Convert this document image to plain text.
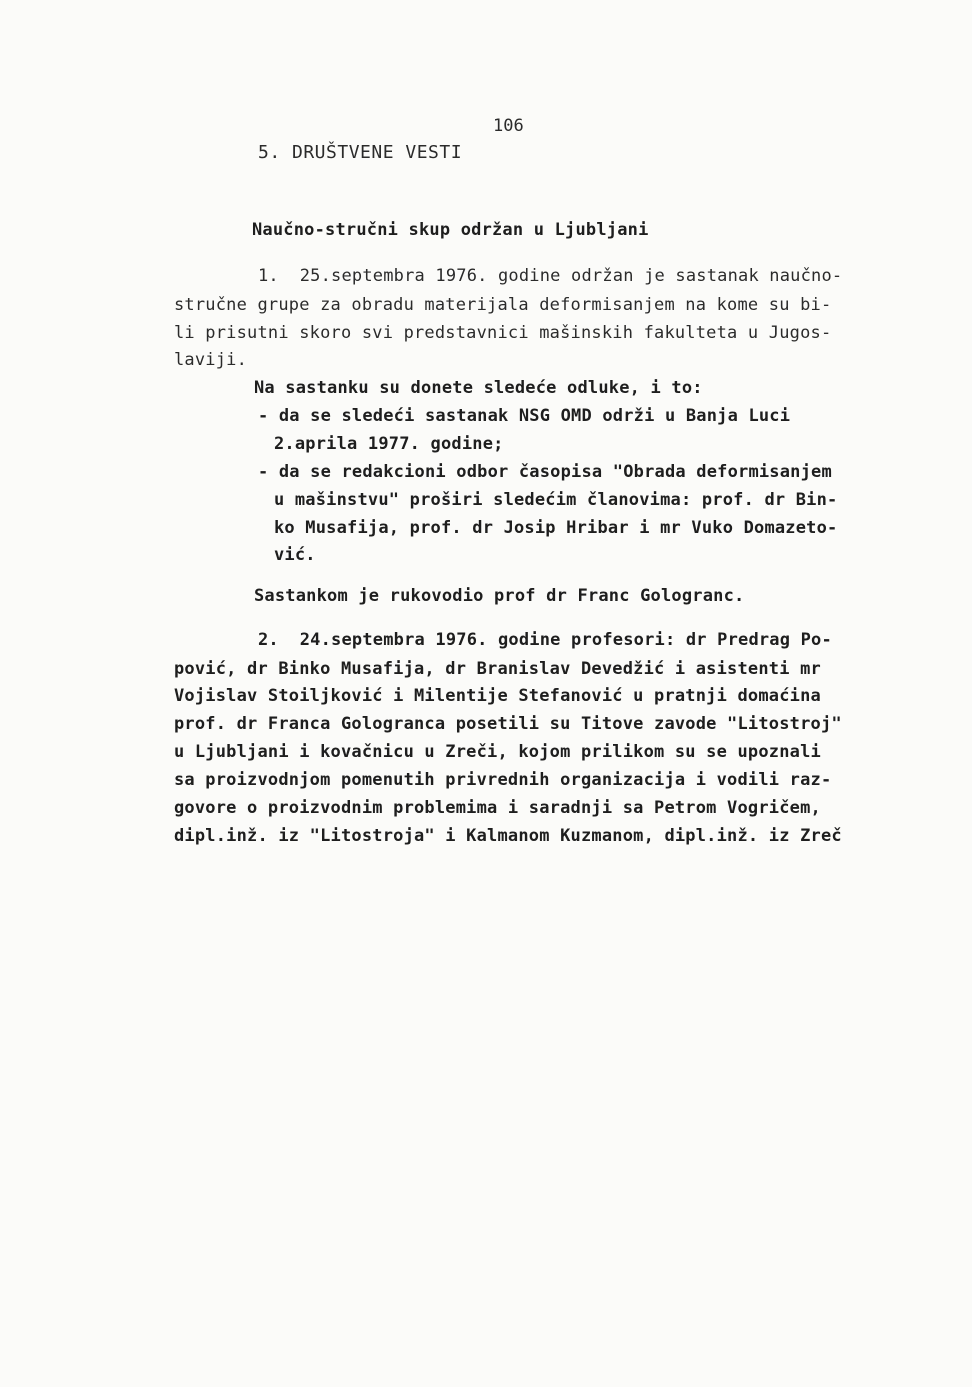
106
5. DRUŠTVENE VESTI
Naučno-stručni skup održan u Ljubljani
1.  25.septembra 1976. godine održan je sastanak naučno-
stručne grupe za obradu materijala deformisanjem na kome su bi-
li prisutni skoro svi predstavnici mašinskih fakulteta u Jugos-
laviji.
Na sastanku su donete sledeće odluke, i to:
- da se sledeći sastanak NSG OMD održi u Banja Luci
2.aprila 1977. godine;
- da se redakcioni odbor časopisa "Obrada deformisanjem
u mašinstvu" proširi sledećim članovima: prof. dr Bin-
ko Musafija, prof. dr Josip Hribar i mr Vuko Domazeto-
vić.
Sastankom je rukovodio prof dr Franc Gologranc.
2.  24.septembra 1976. godine profesori: dr Predrag Po-
pović, dr Binko Musafija, dr Branislav Devedžić i asistenti mr
Vojislav Stoiljković i Milentije Stefanović u pratnji domaćina
prof. dr Franca Gologranca posetili su Titove zavode "Litostroj"
u Ljubljani i kovačnicu u Zreči, kojom prilikom su se upoznali
sa proizvodnjom pomenutih privrednih organizacija i vodili raz-
govore o proizvodnim problemima i saradnji sa Petrom Vogričem,
dipl.inž. iz "Litostroja" i Kalmanom Kuzmanom, dipl.inž. iz Zreč
